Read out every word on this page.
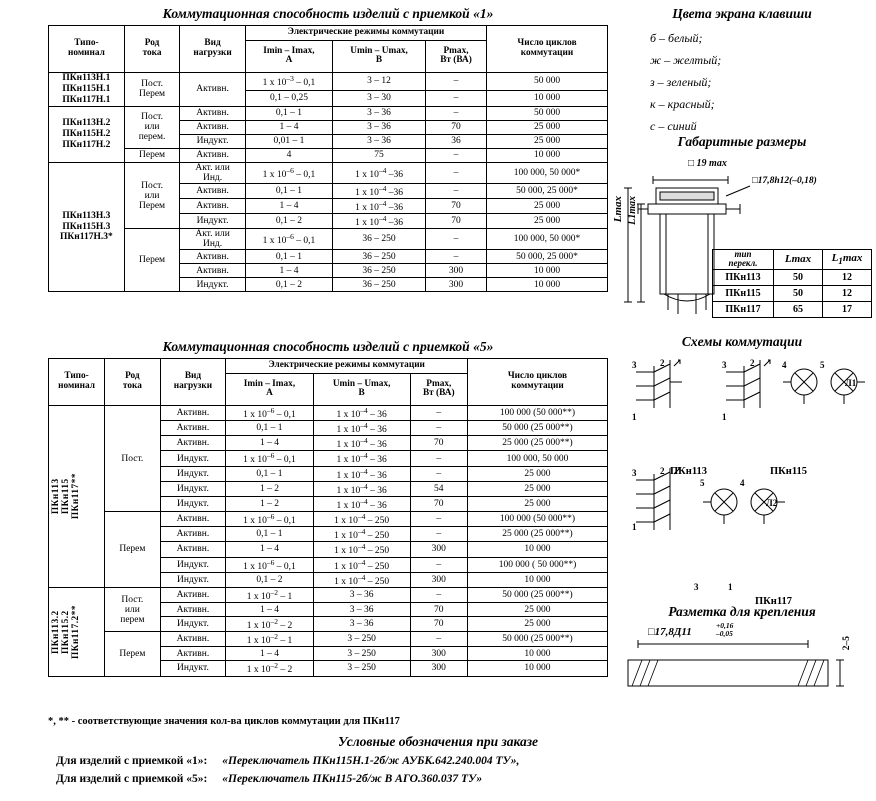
Коммутационная способность изделий с приемкой «1»
Типо-
номинал	Род
тока	Вид
нагрузки	Электрические режимы коммутации			Число циклов
коммутации
			Imin – Imax,
А	Umin – Umax,
В	Рmax,
Вт (ВА)	
ПКн113Н.1
ПКн115Н.1
ПКн117Н.1	Пост.
Перем	Активн.	1 х $10^{-3} - 0,1$	3 – 12	–	50 000
			0,1 – 0,25	3 – 30	–	10 000
ПКн113Н.2
ПКн115Н.2
ПКн117Н.2	Пост.
или
перем.	Активн.	0,1 – 1	3 – 36	–	50 000
		Активн.	1 – 4	3 – 36	70	25 000
		Индукт.	0,01 – 1	3 – 36	36	25 000
	Перем	Активн.	4	75	–	10 000
ПКн113Н.3
ПКн115Н.3
ПКн117Н.3*	Пост.
или
Перем	Акт. или
Инд.	1 х $10^{-6} - 0,1$	1 х $10^{-4}$ –36	–	100 000, 50 000*
		Активн.	0,1 – 1	1 х $10^{-4}$ –36	–	50 000, 25 000*
		Активн.	1 – 4	1 х $10^{-4}$ –36	70	25 000
		Индукт.	0,1 – 2	1 х $10^{-4}$ –36	70	25 000
	Перем	Акт. или
Инд.	1 х $10^{-6} - 0,1$	36 – 250	–	100 000, 50 000*
		Активн.	0,1 – 1	36 – 250	–	50 000, 25 000*
		Активн.	1 – 4	36 – 250	300	10 000
		Индукт.	0,1 – 2	36 – 250	300	10 000
Коммутационная способность изделий с приемкой «5»
Типо-
номинал	Род
тока	Вид
нагрузки	Электрические режимы коммутации			Число циклов
коммутации
			Imin – Imax,
А	Umin – Umax,
В	Рmax,
Вт (ВА)	

ПКн113
ПКн115
ПКн117**	Пост.	Активн.	1 х $10^{-6} - 0,1$	1 х $10^{-4} - 36$	–	100 000 (50 000**)
		Активн.	0,1 – 1	1 х $10^{-4} - 36$	–	50 000 (25 000**)
		Активн.	1 – 4	1 х $10^{-4} - 36$	70	25 000 (25 000**)
		Индукт.	1 х $10^{-6} - 0,1$	1 х $10^{-4} - 36$	–	100 000, 50 000
		Индукт.	0,1 – 1	1 х $10^{-4} - 36$	–	25 000
		Индукт.	1 – 2	1 х $10^{-4} - 36$	54	25 000
		Индукт.	1 – 2	1 х $10^{-4} - 36$	70	25 000
	Перем	Активн.	1 х $10^{-6} - 0,1$	1 х $10^{-4} - 250$	–	100 000 (50 000**)
		Активн.	0,1 – 1	1 х $10^{-4} - 250$	–	25 000 (25 000**)
		Активн.	1 – 4	1 х $10^{-4} - 250$	300	10 000
		Индукт.	1 х $10^{-6} - 0,1$	1 х $10^{-4} - 250$	–	100 000 ( 50 000**)
		Индукт.	0,1 – 2	1 х $10^{-4} - 250$	300	10 000

ПКн113.2
ПКн115.2
ПКн117.2**	Пост.
или
перем	Активн.	1 х $10^{-2} - 1$	3 – 36	–	50 000 (25 000**)
		Активн.	1 – 4	3 – 36	70	25 000
		Индукт.	1 х $10^{-2} - 2$	3 – 36	70	25 000
	Перем	Активн.	1 х $10^{-2} - 1$	3 – 250	–	50 000 (25 000**)
		Активн.	1 – 4	3 – 250	300	10 000
		Индукт.	1 х $10^{-2} - 2$	3 – 250	300	10 000
Цвета экрана клавиши
б – белый;
ж – желтый;
з – зеленый;
к – красный;
с – синий
Габаритные размеры
□ 19 max
□17,8h12(–0,18)
Lmax L1max
тип
перекл.	Lmax	$L_1\max$
ПКн113	50	12
ПКн115	50	12
ПКн117	65	17
Схемы коммутации
3	2
1
3	2
1
4	5
Л1
ПКн113	ПКн115
3	2
1
5	4
3	1
Л2
ПКн117
Разметка для крепления
□17,8Д11
+0,16
–0,05
2–5
*, ** - соответствующие значения кол-ва циклов коммутации для ПКн117
Условные обозначения при заказе
Для изделий с приемкой «1»: «Переключатель ПКн115Н.1-2б/ж АУБК.642.240.004 ТУ»,
Для изделий с приемкой «5»: «Переключатель ПКн115-2б/ж В АГО.360.037 ТУ»
